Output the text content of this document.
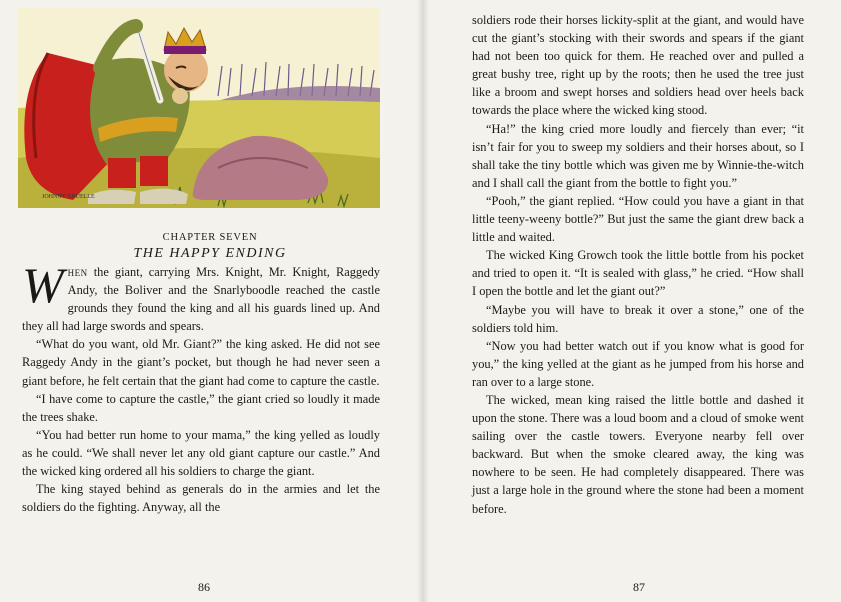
JOHNNY GRUELLE
CHAPTER SEVEN
THE HAPPY ENDING

When the giant, carrying Mrs. Knight, Mr. Knight, Raggedy Andy, the Boliver and the Snarlyboodle reached the castle grounds they found the king and all his guards lined up. And they all had large swords and spears.

“What do you want, old Mr. Giant?” the king asked. He did not see Raggedy Andy in the giant’s pocket, but though he had never seen a giant before, he felt certain that the giant had come to capture the castle.

“I have come to capture the castle,” the giant cried so loudly it made the trees shake.

“You had better run home to your mama,” the king yelled as loudly as he could. “We shall never let any old giant capture our castle.” And the wicked king ordered all his soldiers to charge the giant.

The king stayed behind as generals do in the armies and let the soldiers do the fighting. Anyway, all the

86

soldiers rode their horses lickity-split at the giant, and would have cut the giant’s stocking with their swords and spears if the giant had not been too quick for them. He reached over and pulled a great bushy tree, right up by the roots; then he used the tree just like a broom and swept horses and soldiers head over heels back towards the place where the wicked king stood.

“Ha!” the king cried more loudly and fiercely than ever; “it isn’t fair for you to sweep my soldiers and their horses about, so I shall take the tiny bottle which was given me by Winnie-the-witch and I shall call the giant from the bottle to fight you.”

“Pooh,” the giant replied. “How could you have a giant in that little teeny-weeny bottle?” But just the same the giant drew back a little and waited.

The wicked King Growch took the little bottle from his pocket and tried to open it. “It is sealed with glass,” he cried. “How shall I open the bottle and let the giant out?”

“Maybe you will have to break it over a stone,” one of the soldiers told him.

“Now you had better watch out if you know what is good for you,” the king yelled at the giant as he jumped from his horse and ran over to a large stone.

The wicked, mean king raised the little bottle and dashed it upon the stone. There was a loud boom and a cloud of smoke went sailing over the castle towers. Everyone nearby fell over backward. But when the smoke cleared away, the king was nowhere to be seen. He had completely disappeared. There was just a large hole in the ground where the stone had been a moment before.

87
